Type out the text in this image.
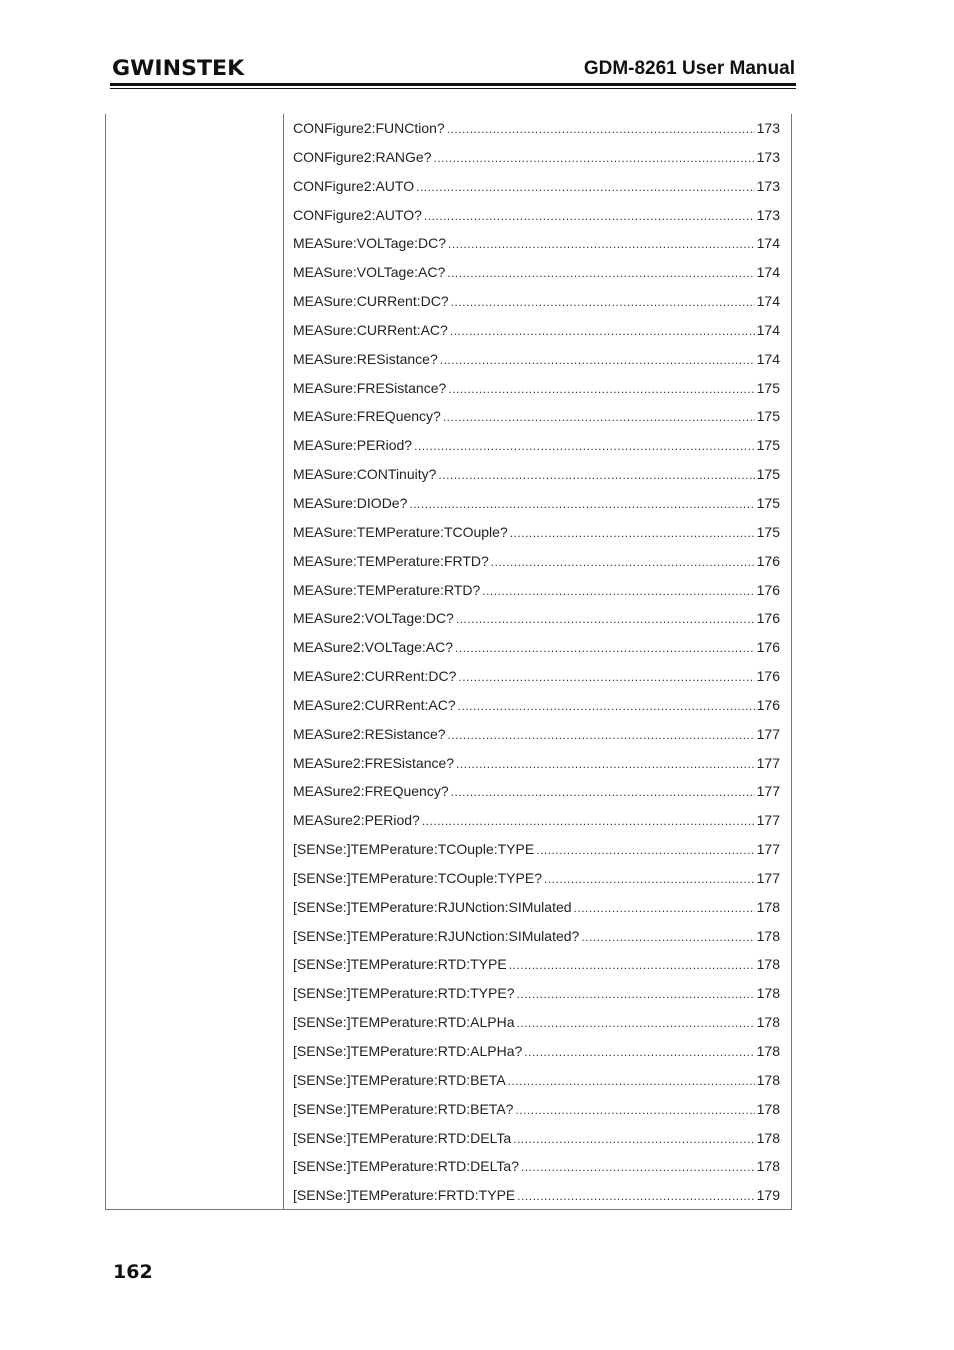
GWINSTEK	GDM-8261 User Manual
CONFigure2:FUNCtion? .....	173
CONFigure2:RANGe? .....	173
CONFigure2:AUTO .....	173
CONFigure2:AUTO? .....	173
MEASure:VOLTage:DC? .....	174
MEASure:VOLTage:AC? .....	174
MEASure:CURRent:DC? .....	174
MEASure:CURRent:AC? .....	174
MEASure:RESistance? .....	174
MEASure:FRESistance? .....	175
MEASure:FREQuency? .....	175
MEASure:PERiod? .....	175
MEASure:CONTinuity? .....	175
MEASure:DIODe? .....	175
MEASure:TEMPerature:TCOuple? .....	175
MEASure:TEMPerature:FRTD? .....	176
MEASure:TEMPerature:RTD? .....	176
MEASure2:VOLTage:DC? .....	176
MEASure2:VOLTage:AC? .....	176
MEASure2:CURRent:DC? .....	176
MEASure2:CURRent:AC? .....	176
MEASure2:RESistance? .....	177
MEASure2:FRESistance? .....	177
MEASure2:FREQuency? .....	177
MEASure2:PERiod? .....	177
[SENSe:]TEMPerature:TCOuple:TYPE .....	177
[SENSe:]TEMPerature:TCOuple:TYPE? .....	177
[SENSe:]TEMPerature:RJUNction:SIMulated .....	178
[SENSe:]TEMPerature:RJUNction:SIMulated? .....	178
[SENSe:]TEMPerature:RTD:TYPE .....	178
[SENSe:]TEMPerature:RTD:TYPE? .....	178
[SENSe:]TEMPerature:RTD:ALPHa .....	178
[SENSe:]TEMPerature:RTD:ALPHa? .....	178
[SENSe:]TEMPerature:RTD:BETA .....	178
[SENSe:]TEMPerature:RTD:BETA? .....	178
[SENSe:]TEMPerature:RTD:DELTa .....	178
[SENSe:]TEMPerature:RTD:DELTa? .....	178
[SENSe:]TEMPerature:FRTD:TYPE .....	179
162
